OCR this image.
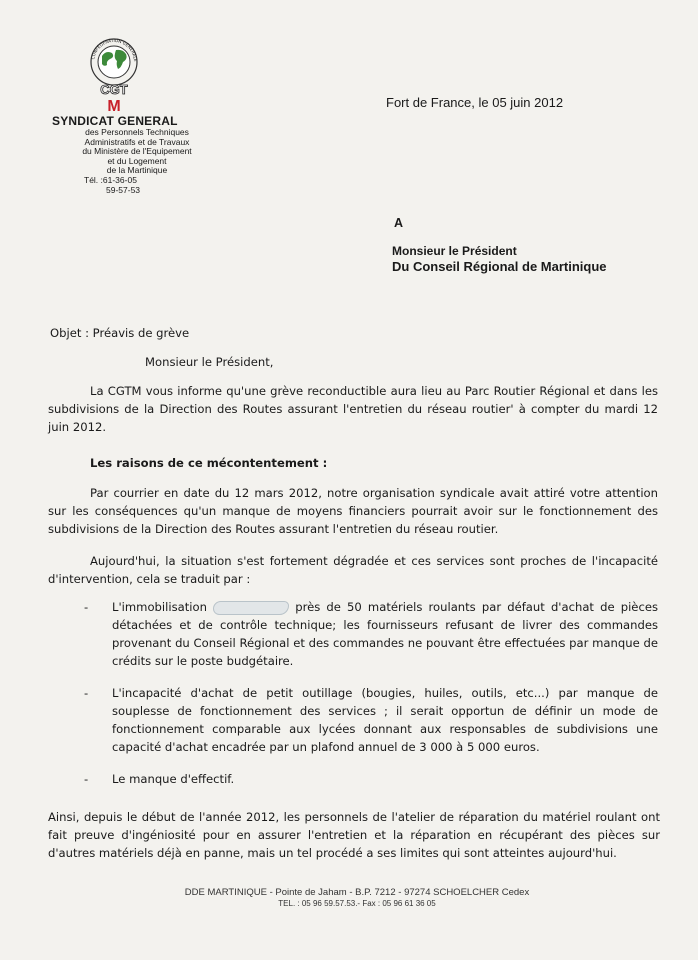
CONFÉDÉRATION GÉNÉRALE
CGT
M
SYNDICAT GENERAL
des Personnels Techniques
Administratifs et de Travaux
du Ministère de l'Equipement
et du Logement
de la Martinique
Tél. :61-36-05
59-57-53
Fort de France, le 05 juin 2012
A
Monsieur le Président
Du Conseil Régional de Martinique
Objet : Préavis de grève
Monsieur le Président,
La CGTM vous informe qu'une grève reconductible aura lieu au Parc Routier Régional et dans les subdivisions de la Direction des Routes assurant l'entretien du réseau routier' à compter du mardi 12 juin 2012.
Les raisons de ce mécontentement :
Par courrier en date du 12 mars 2012, notre organisation syndicale avait attiré votre attention sur les conséquences qu'un manque de moyens financiers pourrait avoir sur le fonctionnement des subdivisions de la Direction des Routes assurant l'entretien du réseau routier.
Aujourd'hui, la situation s'est fortement dégradée et ces services sont proches de l'incapacité d'intervention, cela se traduit par :
- L'immobilisation	près de 50 matériels roulants par défaut d'achat de pièces détachées et de contrôle technique; les fournisseurs refusant de livrer des commandes provenant du Conseil Régional et des commandes ne pouvant être effectuées par manque de crédits sur le poste budgétaire.
- L'incapacité d'achat de petit outillage (bougies, huiles, outils, etc...) par manque de souplesse de fonctionnement des services ; il serait opportun de définir un mode de fonctionnement comparable aux lycées donnant aux responsables de subdivisions une capacité d'achat encadrée par un plafond annuel de 3 000 à 5 000 euros.
- Le manque d'effectif.
Ainsi, depuis le début de l'année 2012, les personnels de l'atelier de réparation du matériel roulant ont fait preuve d'ingéniosité pour en assurer l'entretien et la réparation en récupérant des pièces sur d'autres matériels déjà en panne, mais un tel procédé a ses limites qui sont atteintes aujourd'hui.
DDE MARTINIQUE - Pointe de Jaham - B.P. 7212 - 97274 SCHOELCHER Cedex
TEL. : 05 96 59.57.53.- Fax : 05 96 61 36 05
